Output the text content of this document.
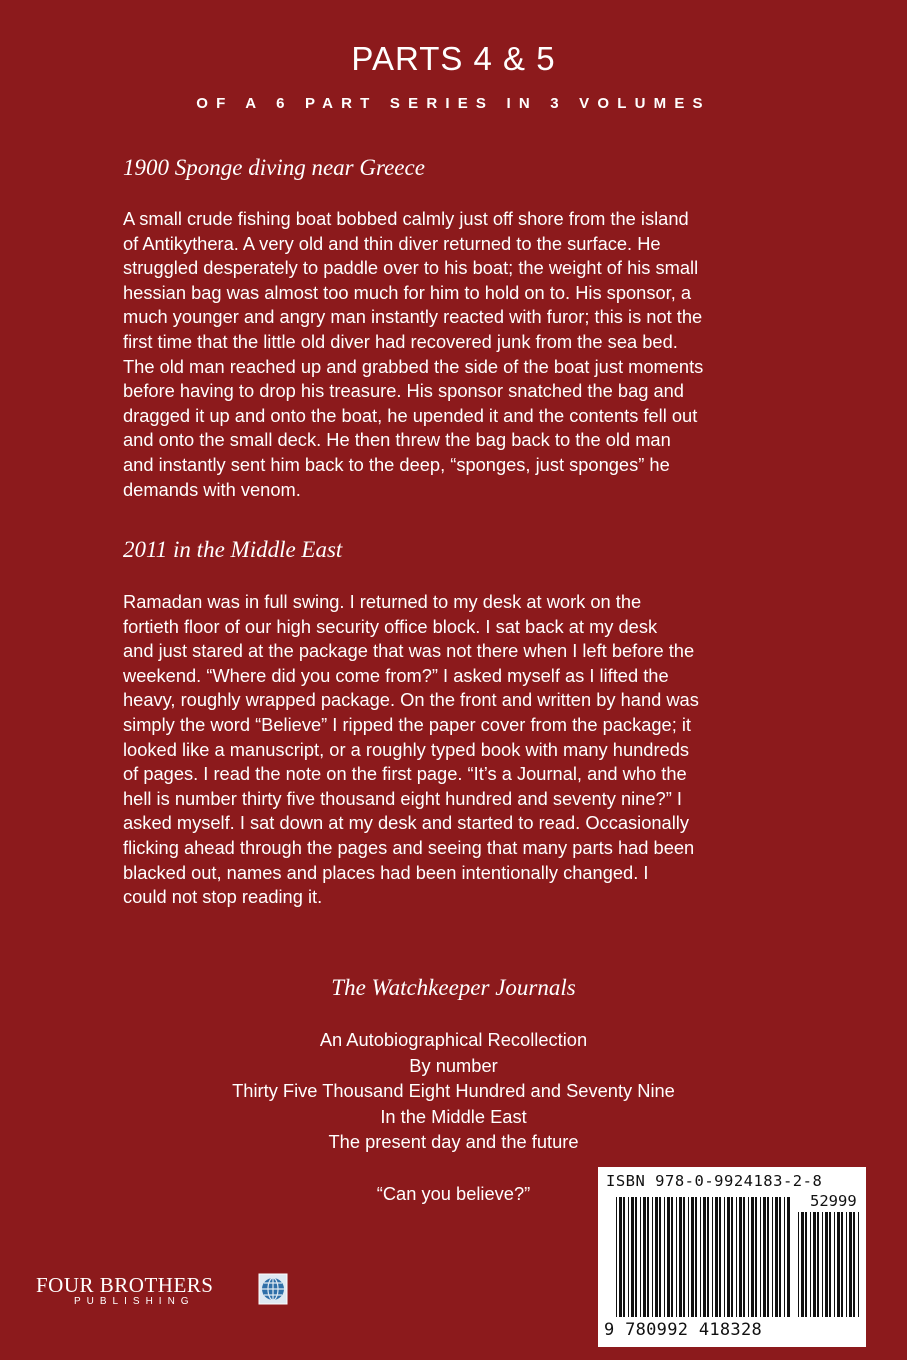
PARTS 4 & 5
OF A 6 PART SERIES IN 3 VOLUMES
1900 Sponge diving near Greece
A small crude fishing boat bobbed calmly just off shore from the island
of Antikythera. A very old and thin diver returned to the surface. He
struggled desperately to paddle over to his boat; the weight of his small
hessian bag was almost too much for him to hold on to. His sponsor, a
much younger and angry man instantly reacted with furor; this is not the
first time that the little old diver had recovered junk from the sea bed.
The old man reached up and grabbed the side of the boat just moments
before having to drop his treasure. His sponsor snatched the bag and
dragged it up and onto the boat, he upended it and the contents fell out
and onto the small deck. He then threw the bag back to the old man
and instantly sent him back to the deep, “sponges, just sponges” he
demands with venom.
2011 in the Middle East
Ramadan was in full swing. I returned to my desk at work on the
fortieth floor of our high security office block. I sat back at my desk
and just stared at the package that was not there when I left before the
weekend. “Where did you come from?” I asked myself as I lifted the
heavy, roughly wrapped package. On the front and written by hand was
simply the word “Believe” I ripped the paper cover from the package; it
looked like a manuscript, or a roughly typed book with many hundreds
of pages. I read the note on the first page. “It’s a Journal, and who the
hell is number thirty five thousand eight hundred and seventy nine?” I
asked myself. I sat down at my desk and started to read. Occasionally
flicking ahead through the pages and seeing that many parts had been
blacked out, names and places had been intentionally changed. I
could not stop reading it.
The Watchkeeper Journals
An Autobiographical Recollection
By number
Thirty Five Thousand Eight Hundred and Seventy Nine
In the Middle East
The present day and the future
“Can you believe?”
FOUR BROTHERS
PUBLISHING
ISBN 978-0-9924183-2-8
52999
9 780992 418328
